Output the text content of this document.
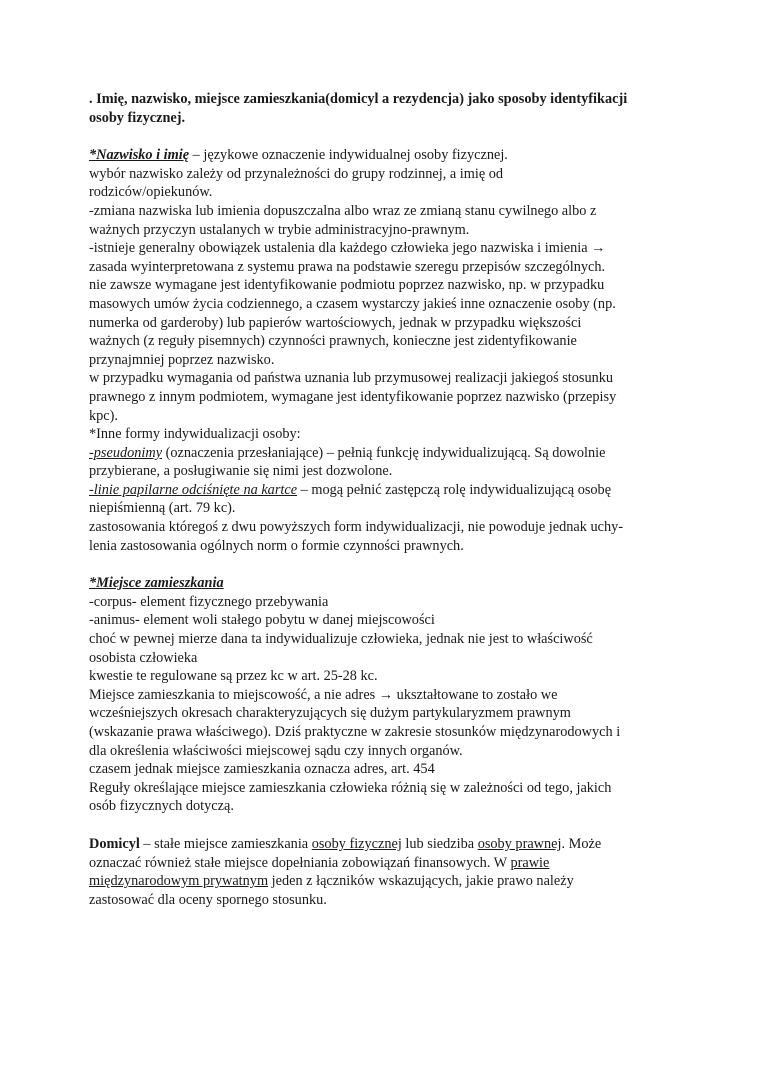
. Imię, nazwisko, miejsce zamieszkania(domicyl a rezydencja) jako sposoby identyfikacji
osoby fizycznej.
*Nazwisko i imię – językowe oznaczenie indywidualnej osoby fizycznej.
wybór nazwisko zależy od przynależności do grupy rodzinnej, a imię od
rodziców/opiekunów.
-zmiana nazwiska lub imienia dopuszczalna albo wraz ze zmianą stanu cywilnego albo z
ważnych przyczyn ustalanych w trybie administracyjno-prawnym.
-istnieje generalny obowiązek ustalenia dla każdego człowieka jego nazwiska i imienia →
zasada wyinterpretowana z systemu prawa na podstawie szeregu przepisów szczególnych.
nie zawsze wymagane jest identyfikowanie podmiotu poprzez nazwisko, np. w przypadku
masowych umów życia codziennego, a czasem wystarczy jakieś inne oznaczenie osoby (np.
numerka od garderoby) lub papierów wartościowych, jednak w przypadku większości
ważnych (z reguły pisemnych) czynności prawnych, konieczne jest zidentyfikowanie
przynajmniej poprzez nazwisko.
w przypadku wymagania od państwa uznania lub przymusowej realizacji jakiegoś stosunku
prawnego z innym podmiotem, wymagane jest identyfikowanie poprzez nazwisko (przepisy
kpc).
*Inne formy indywidualizacji osoby:
-pseudonimy (oznaczenia przesłaniające) – pełnią funkcję indywidualizującą. Są dowolnie
przybierane, a posługiwanie się nimi jest dozwolone.
-linie papilarne odciśnięte na kartce – mogą pełnić zastępczą rolę indywidualizującą osobę
niepiśmienną (art. 79 kc).
zastosowania któregoś z dwu powyższych form indywidualizacji, nie powoduje jednak uchy-
lenia zastosowania ogólnych norm o formie czynności prawnych.
*Miejsce zamieszkania
-corpus- element fizycznego przebywania
-animus- element woli stałego pobytu w danej miejscowości
choć w pewnej mierze dana ta indywidualizuje człowieka, jednak nie jest to właściwość
osobista człowieka
kwestie te regulowane są przez kc w art. 25-28 kc.
Miejsce zamieszkania to miejscowość, a nie adres → ukształtowane to zostało we
wcześniejszych okresach charakteryzujących się dużym partykularyzmem prawnym
(wskazanie prawa właściwego). Dziś praktyczne w zakresie stosunków międzynarodowych i
dla określenia właściwości miejscowej sądu czy innych organów.
czasem jednak miejsce zamieszkania oznacza adres, art. 454
Reguły określające miejsce zamieszkania człowieka różnią się w zależności od tego, jakich
osób fizycznych dotyczą.
Domicyl – stałe miejsce zamieszkania osoby fizycznej lub siedziba osoby prawnej. Może
oznaczać również stałe miejsce dopełniania zobowiązań finansowych. W prawie
międzynarodowym prywatnym jeden z łączników wskazujących, jakie prawo należy
zastosować dla oceny spornego stosunku.
